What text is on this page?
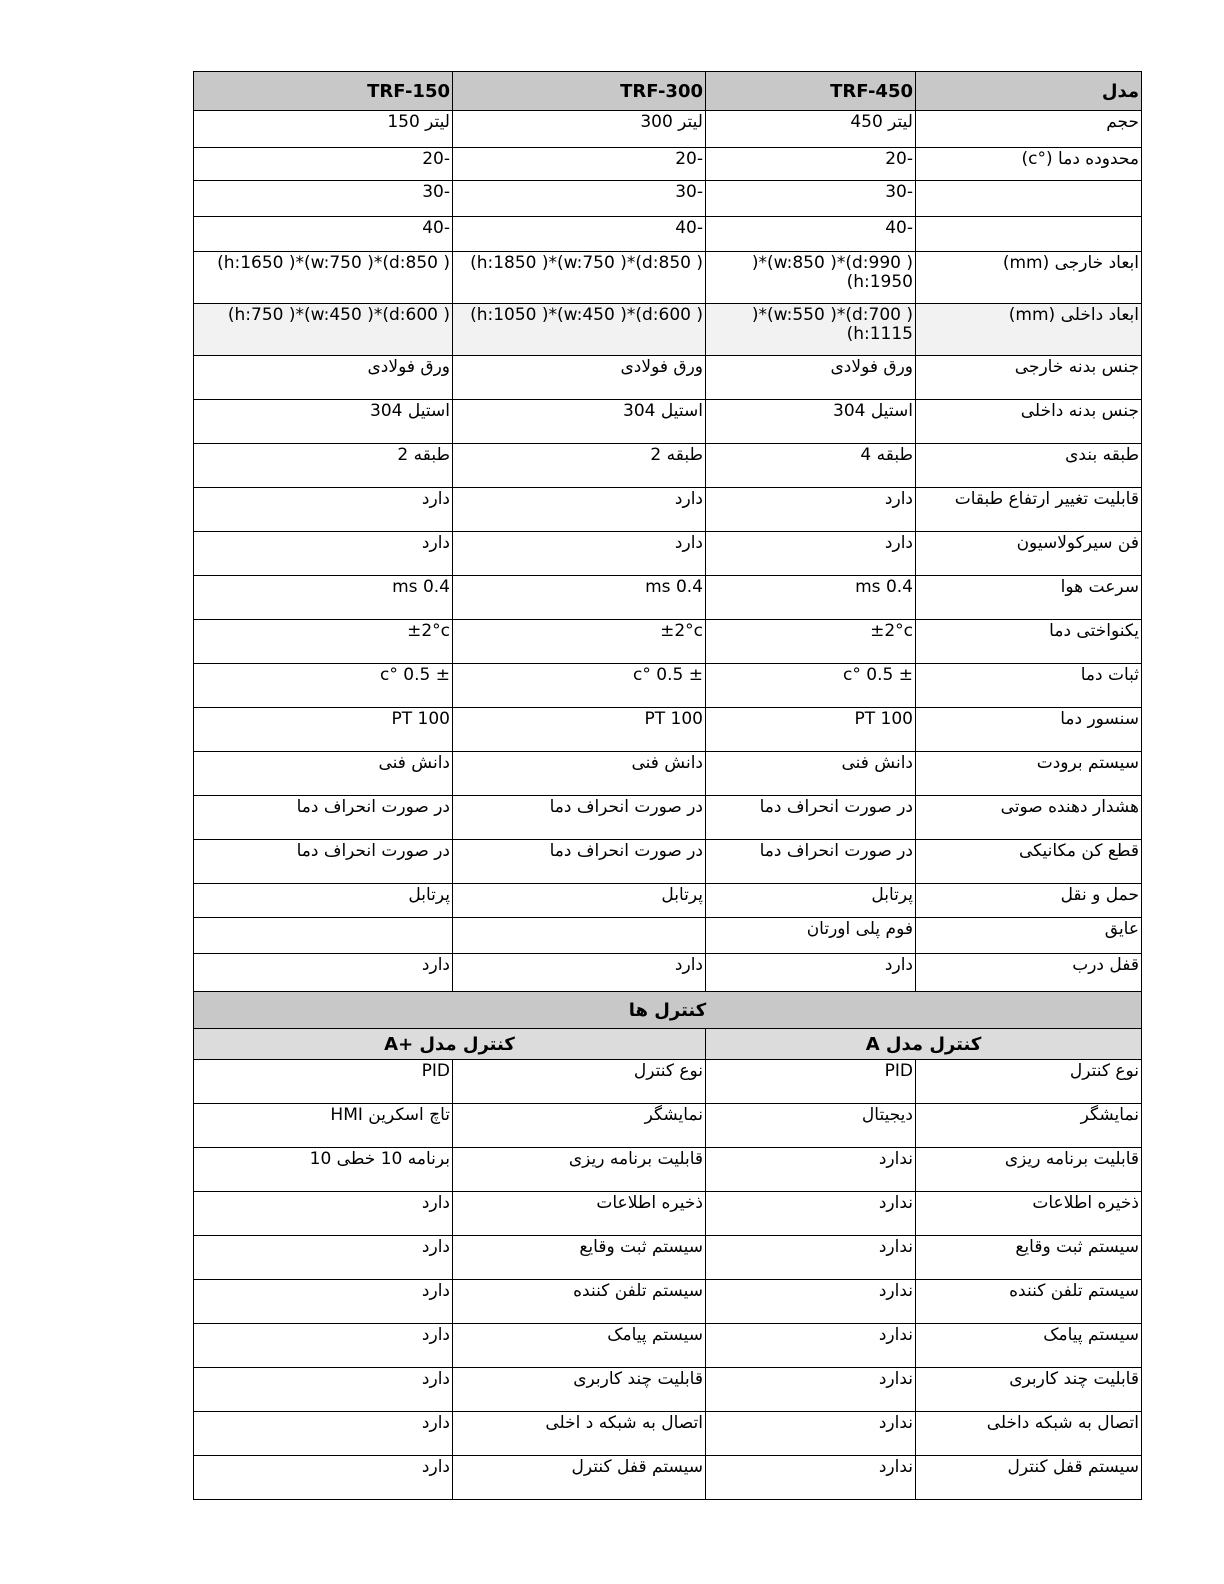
مدل	TRF-450	TRF-300	TRF-150
حجم	لیتر 450	لیتر 300	لیتر 150
محدوده دما (°c)	-20	-20	-20
	-30	-30	-30
	-40	-40	-40
ابعاد خارجی (mm)	( d:990)*( w:850)*( h:1950)	( d:850)*( w:750)*( h:1850)	( d:850)*( w:750)*( h:1650)
ابعاد داخلی (mm)	( d:700)*( w:550)*( h:1115)	( d:600)*( w:450)*( h:1050)	( d:600)*( w:450)*( h:750)
جنس بدنه خارجی	ورق فولادی	ورق فولادی	ورق فولادی
جنس بدنه داخلی	استیل 304	استیل 304	استیل 304
طبقه بندی	طبقه 4	طبقه 2	طبقه 2
قابلیت تغییر ارتفاع طبقات	دارد	دارد	دارد
فن سیرکولاسیون	دارد	دارد	دارد
سرعت هوا	0.4 ms	0.4 ms	0.4 ms
یکنواختی دما	±2°c	±2°c	±2°c
ثبات دما	± 0.5 °c	± 0.5 °c	± 0.5 °c
سنسور دما	PT 100	PT 100	PT 100
سیستم برودت	دانش فنی	دانش فنی	دانش فنی
هشدار دهنده صوتی	در صورت انحراف دما	در صورت انحراف دما	در صورت انحراف دما
قطع کن مکانیکی	در صورت انحراف دما	در صورت انحراف دما	در صورت انحراف دما
حمل و نقل	پرتابل	پرتابل	پرتابل
عایق	فوم پلی اورتان		
قفل درب	دارد	دارد	دارد
کنترل ها			
کنترل مدل A		کنترل مدل +A	
نوع کنترل	PID	نوع کنترل	PID
نمایشگر	دیجیتال	نمایشگر	تاچ اسکرین HMI
قابلیت برنامه ریزی	ندارد	قابلیت برنامه ریزی	برنامه 10 خطی 10
ذخیره اطلاعات	ندارد	ذخیره اطلاعات	دارد
سیستم ثبت وقایع	ندارد	سیستم ثبت وقایع	دارد
سیستم تلفن کننده	ندارد	سیستم تلفن کننده	دارد
سیستم پیامک	ندارد	سیستم پیامک	دارد
قابلیت چند کاربری	ندارد	قابلیت چند کاربری	دارد
اتصال به شبکه داخلی	ندارد	اتصال به شبکه د اخلی	دارد
سیستم قفل کنترل	ندارد	سیستم قفل کنترل	دارد
